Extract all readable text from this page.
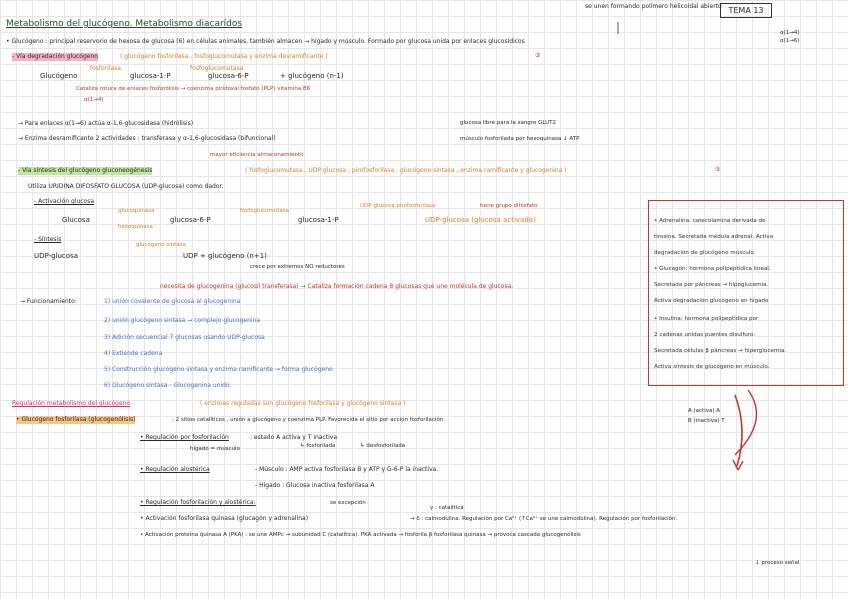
se unen formando polímero helicoidal abierto TEMA 13
Metabolismo del glucógeno. Metabolismo diacarídos
• Glucógeno : principal reservorio de hexosa de glucosa (6) en células animales, también almacen → hígado y músculo. Formado por glucosa unida por enlaces glucosídicos
α(1→4)
α(1→6)
- Vía degradación glucógeno	( glucógeno fosforilasa , fosfoglucomutasa y enzima desramificante )	③
fosforilasa	fosfoglucomutasa
Glucógeno	glucosa-1-P	glucosa-6-P	+ glucógeno (n-1)
Cataliza rotura de enlaces fosforólisis → coenzima piridoxal fosfato (PLP) vitamina B6
α(1→4)
→ Para enlaces α(1→6) actúa α-1,6-glucosidasa (hidrólisis)	glucosa libre para la sangre GLUT2
→ Enzima desramificante 2 actividades : transferasa y α-1,6-glucosidasa (bifuncional)	músculo fosforilada por hexoquinasa ↓ ATP
mayor eficiencia almacenamiento
- Vía síntesis del glucógeno gluconeogénesis	( fosfoglucomutasa , UDP-glucosa , pirofosforilasa , glucógeno sintasa , enzima ramificante y glucogenina )	⑤
Utiliza URIDINA DIFOSFATO GLUCOSA (UDP-glucosa) como dador.
- Activación glucosa
glucoquinasa
hexoquinasa
fosfoglucomutasa
UDP-glucosa pirofosforilasa	tiene grupo difosfato
Glucosa	glucosa-6-P	glucosa-1-P	UDP-glucosa (glucosa activada)
- Síntesis
UDP-glucosa
glucógeno sintasa
UDP + glucógeno (n+1)
crece por extremos NO reductores
necesita de glucogenina (glucosil transferasa) → Cataliza formación cadena 8 glucosas que une molécula de glucosa.
→ Funcionamiento:	1) unión covalente de glucosa al glucogenina
2) unión glucógeno sintasa → complejo glucogenina
3) Adición secuencial 7 glucosas usando UDP-glucosa
4) Extiende cadena
5) Construcción glucógeno sintasa y enzima ramificante → forma glucógeno
6) Glucógeno sintasa - Glucogenina unido.
• Adrenalina: catecolamina derivada de
tirosina. Secretada médula adrenal. Activa
degradación de glucógeno músculo.
• Glucagón: hormona polipeptídica lineal.
Secretada por páncreas → hipoglucemia.
Activa degradación glucógeno en hígado
• Insulina: hormona polipeptídica por
2 cadenas unidas puentes disulfuro.
Secretada células β páncreas → hiperglucemia.
Activa síntesis de glucógeno en músculo.
Regulación metabolismo del glucógeno	( enzimas reguladas son glucógeno fosforilasa y glucógeno sintasa )
• Glucógeno fosforilasa (glucogenólisis)	: 2 sitios catalíticos , unión a glucógeno y coenzima PLP. Favorecida el sitio por acción fosforilación.
A (activa) A
B (inactiva) T
• Regulación por fosforilación	: estado A activa y T inactiva
↳ fosforilada	↳ desfosforilada
hígado = músculo
• Regulación alostérica	- Músculo : AMP activa fosforilasa B y ATP y G-6-P la inactiva.
- Hígado : Glucosa inactiva fosforilasa A
• Regulación fosforilación y alostérica:	se excepción
γ : catalítica
• Activación fosforilasa quinasa (glucagón y adrenalina)	→ δ : calmodulina. Regulación por Ca²⁺ (↑Ca²⁺ se une calmodulina). Regulación por fosforilación.
• Activación proteína quinasa A (PKA) : se une AMPc → subunidad C (catalítica). PKA activada → fosforila β fosforilasa quinasa → provoca cascada glucogenólisis
↓ proceso señal
